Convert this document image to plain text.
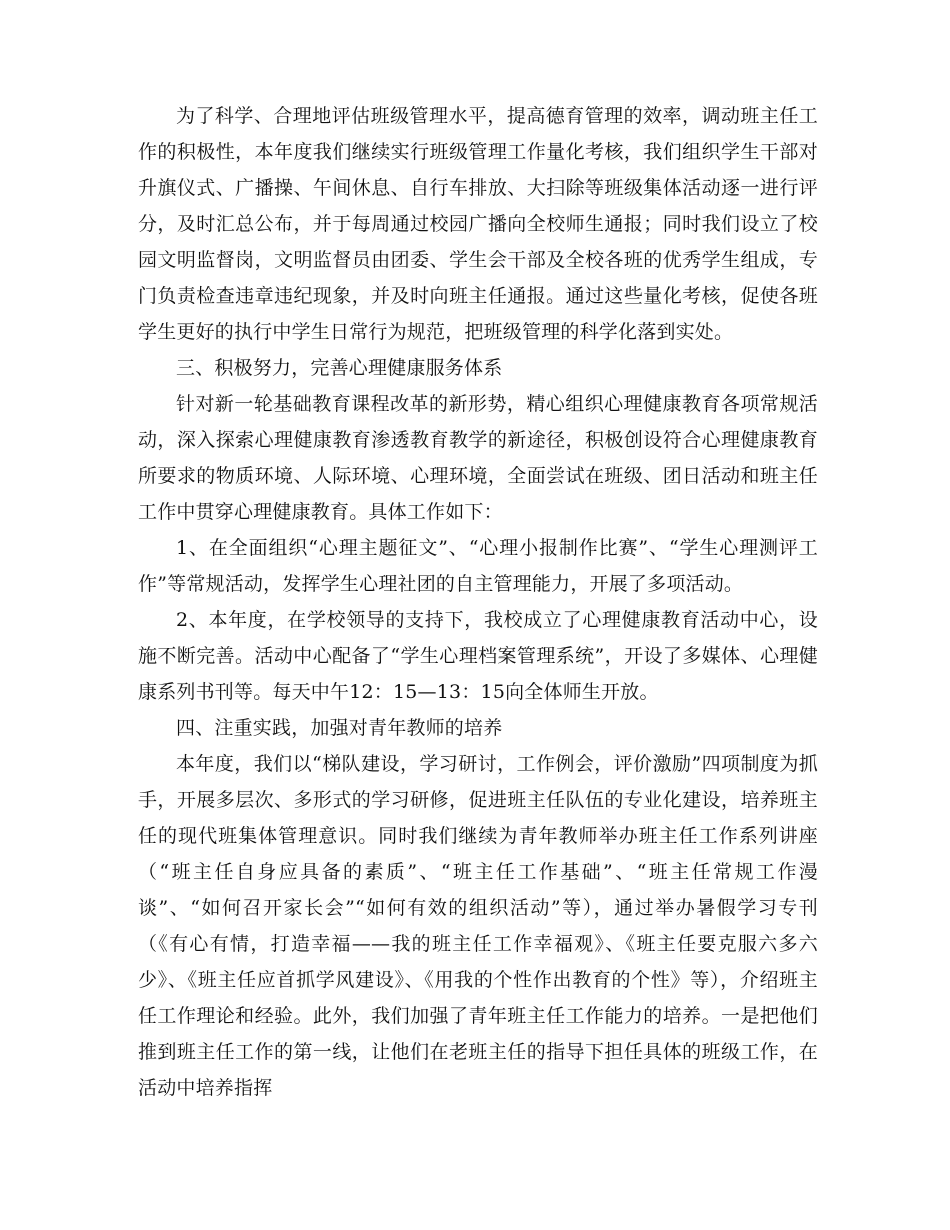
为了科学、合理地评估班级管理水平，提高德育管理的效率，调动班主任工作的积极性，本年度我们继续实行班级管理工作量化考核，我们组织学生干部对升旗仪式、广播操、午间休息、自行车排放、大扫除等班级集体活动逐一进行评分，及时汇总公布，并于每周通过校园广播向全校师生通报；同时我们设立了校园文明监督岗，文明监督员由团委、学生会干部及全校各班的优秀学生组成，专门负责检查违章违纪现象，并及时向班主任通报。通过这些量化考核，促使各班学生更好的执行中学生日常行为规范，把班级管理的科学化落到实处。

三、积极努力，完善心理健康服务体系

针对新一轮基础教育课程改革的新形势，精心组织心理健康教育各项常规活动，深入探索心理健康教育渗透教育教学的新途径，积极创设符合心理健康教育所要求的物质环境、人际环境、心理环境，全面尝试在班级、团日活动和班主任工作中贯穿心理健康教育。具体工作如下：

1、在全面组织“心理主题征文”、“心理小报制作比赛”、“学生心理测评工作”等常规活动，发挥学生心理社团的自主管理能力，开展了多项活动。

2、本年度，在学校领导的支持下，我校成立了心理健康教育活动中心，设施不断完善。活动中心配备了“学生心理档案管理系统”，开设了多媒体、心理健康系列书刊等。每天中午12：15—13：15向全体师生开放。

四、注重实践，加强对青年教师的培养

本年度，我们以“梯队建设，学习研讨，工作例会，评价激励”四项制度为抓手，开展多层次、多形式的学习研修，促进班主任队伍的专业化建设，培养班主任的现代班集体管理意识。同时我们继续为青年教师举办班主任工作系列讲座（“班主任自身应具备的素质”、“班主任工作基础”、“班主任常规工作漫谈”、“如何召开家长会”“如何有效的组织活动”等），通过举办暑假学习专刊（《有心有情，打造幸福——我的班主任工作幸福观》、《班主任要克服六多六少》、《班主任应首抓学风建设》、《用我的个性作出教育的个性》等），介绍班主任工作理论和经验。此外，我们加强了青年班主任工作能力的培养。一是把他们推到班主任工作的第一线，让他们在老班主任的指导下担任具体的班级工作，在活动中培养指挥
